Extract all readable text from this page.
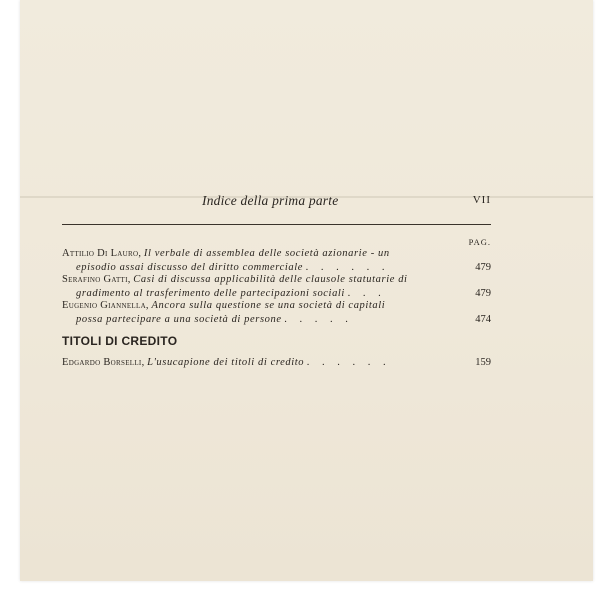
Indice della prima parte	VII
PAG.
Attilio Di Lauro, Il verbale di assemblea delle società azionarie - un
episodio assai discusso del diritto commerciale . . . . . .	479
Serafino Gatti, Casi di discussa applicabilità delle clausole statutarie di
gradimento al trasferimento delle partecipazioni sociali . . .	479
Eugenio Giannella, Ancora sulla questione se una società di capitali
possa partecipare a una società di persone . . . . .	474
TITOLI DI CREDITO
Edgardo Borselli, L'usucapione dei titoli di credito . . . . . .	159
